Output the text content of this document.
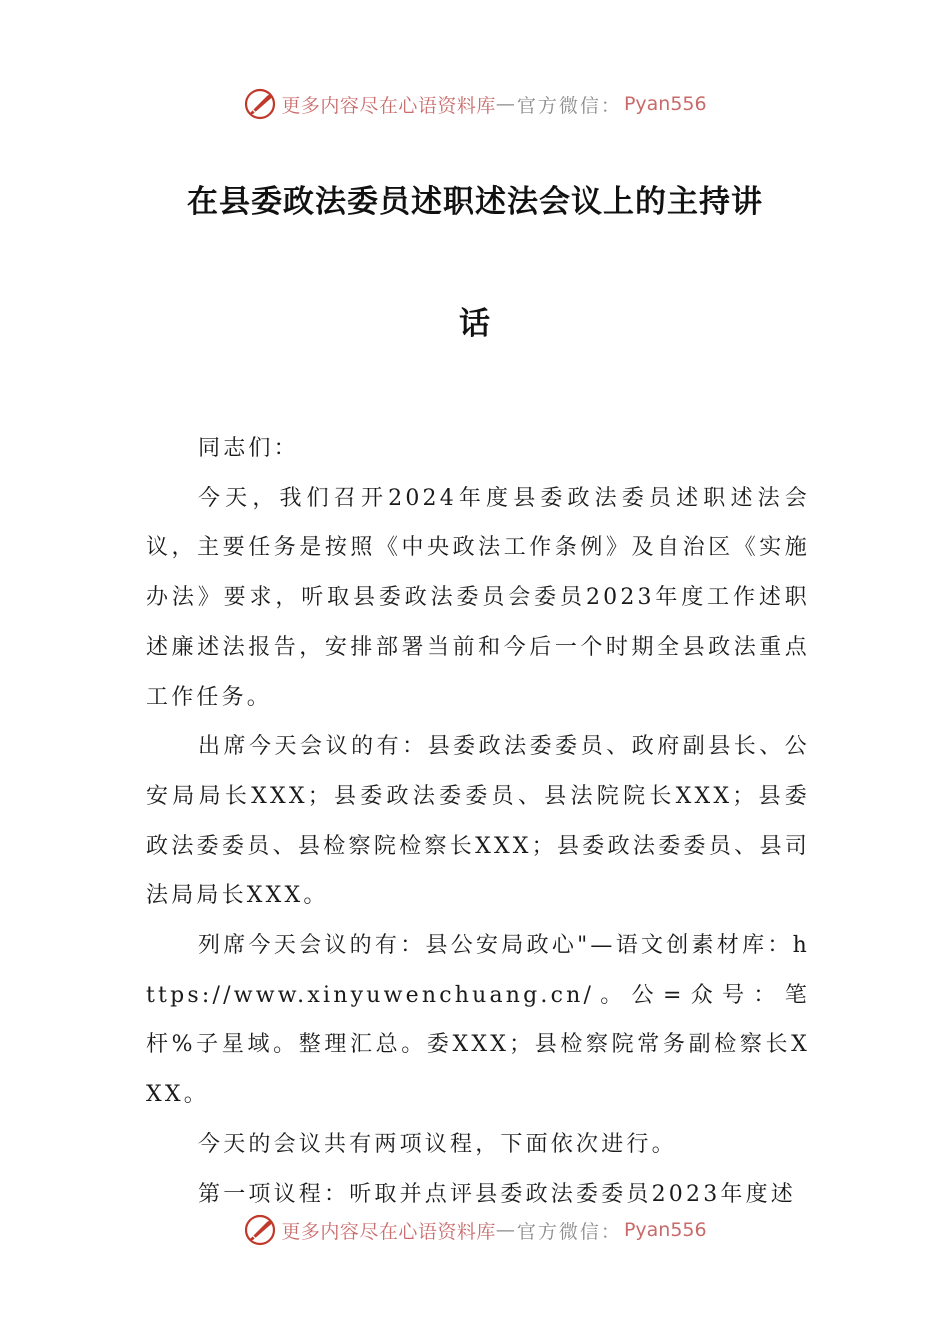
更多内容尽在心语资料库 — 官方微信： Pyan556
在县委政法委员述职述法会议上的主持讲
话

同志们：

今天，我们召开2024年度县委政法委员述职述法会议，主要任务是按照《中央政法工作条例》及自治区《实施办法》要求，听取县委政法委员会委员2023年度工作述职述廉述法报告，安排部署当前和今后一个时期全县政法重点工作任务。

出席今天会议的有：县委政法委委员、政府副县长、公安局局长XXX；县委政法委委员、县法院院长XXX；县委政法委委员、县检察院检察长XXX；县委政法委委员、县司法局局长XXX。

列席今天会议的有：县公安局政心"—语文创素材库：https://www.xinyuwenchuang.cn/。公=众号：笔杆%子星域。整理汇总。委XXX；县检察院常务副检察长XXX。

今天的会议共有两项议程，下面依次进行。

第一项议程：听取并点评县委政法委委员2023年度述

更多内容尽在心语资料库 — 官方微信： Pyan556
